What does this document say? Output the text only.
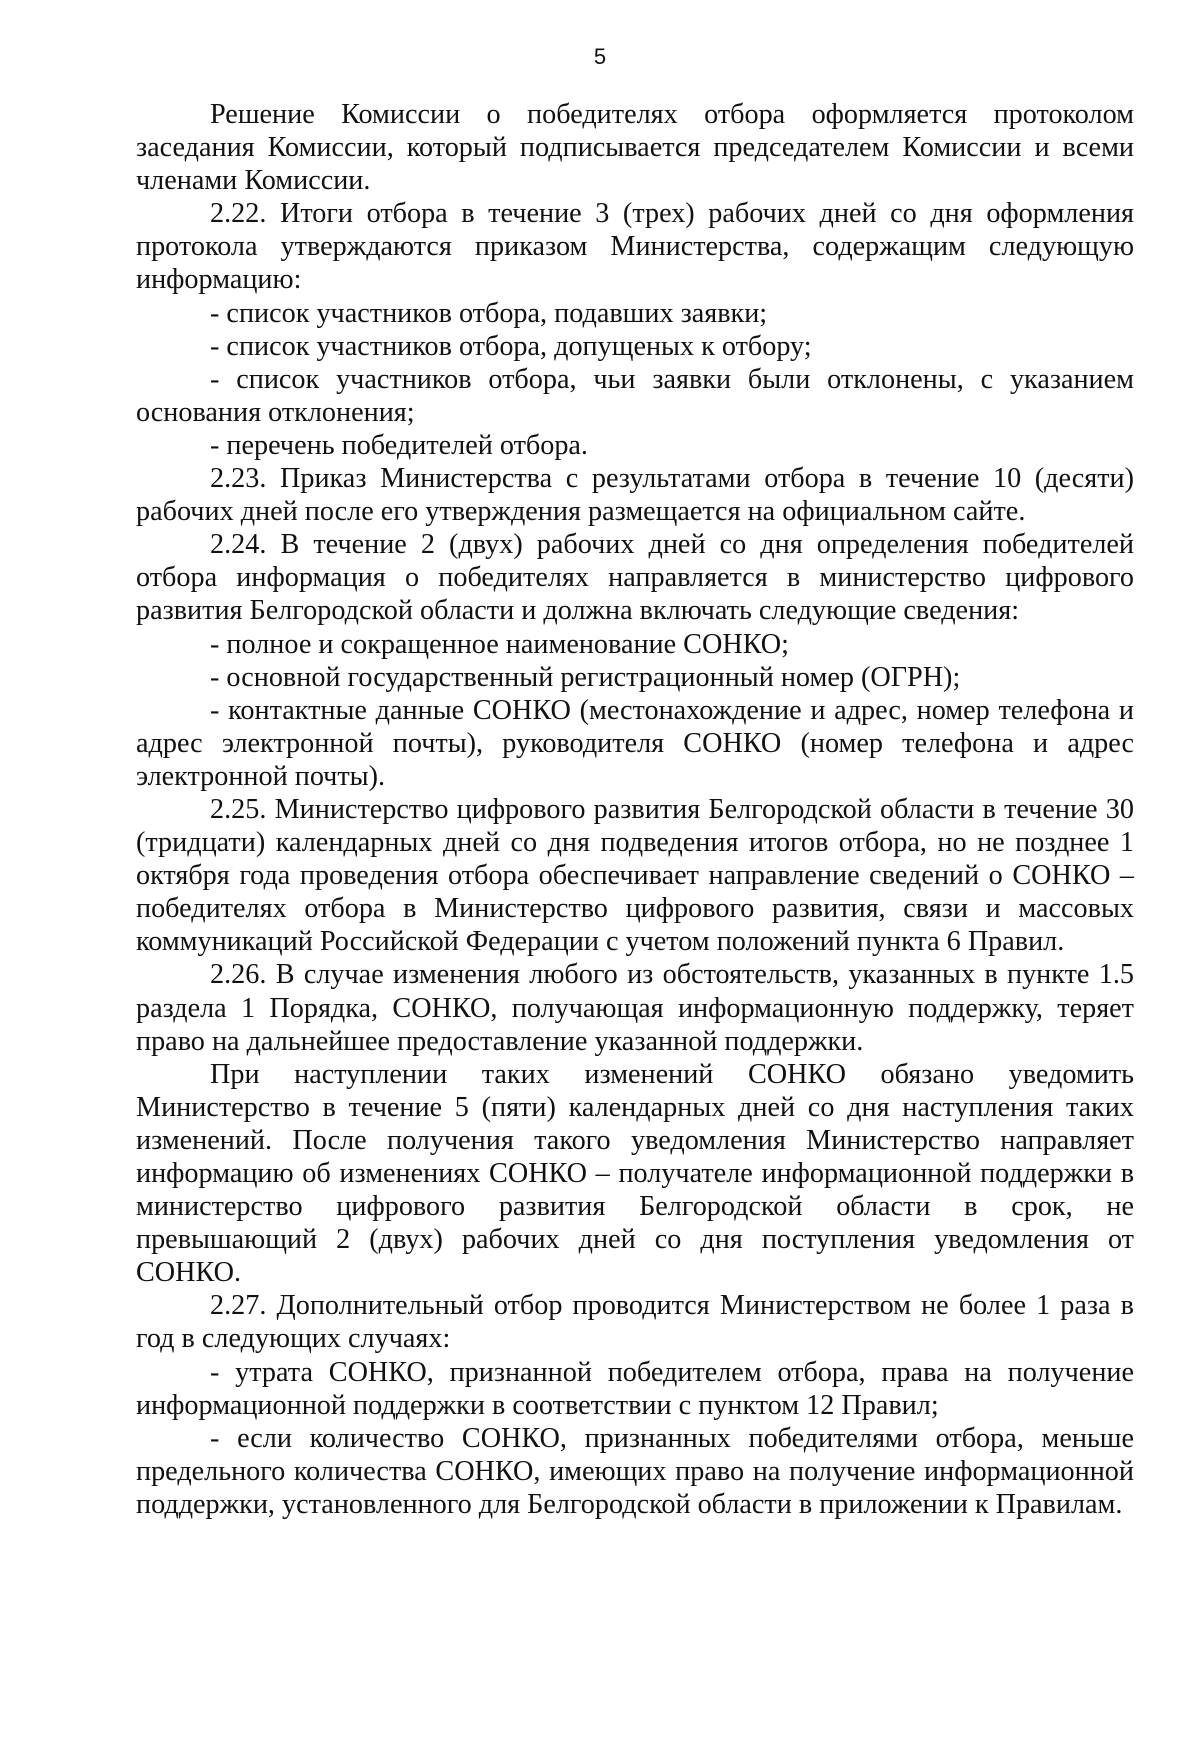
5

Решение Комиссии о победителях отбора оформляется протоколом заседания Комиссии, который подписывается председателем Комиссии и всеми членами Комиссии.

2.22. Итоги отбора в течение 3 (трех) рабочих дней со дня оформления протокола утверждаются приказом Министерства, содержащим следующую информацию:

- список участников отбора, подавших заявки;

- список участников отбора, допущеных к отбору;

- список участников отбора, чьи заявки были отклонены, с указанием основания отклонения;

- перечень победителей отбора.

2.23. Приказ Министерства с результатами отбора в течение 10 (десяти) рабочих дней после его утверждения размещается на официальном сайте.

2.24. В течение 2 (двух) рабочих дней со дня определения победителей отбора информация о победителях направляется в министерство цифрового развития Белгородской области и должна включать следующие сведения:

- полное и сокращенное наименование СОНКО;

- основной государственный регистрационный номер (ОГРН);

- контактные данные СОНКО (местонахождение и адрес, номер телефона и адрес электронной почты), руководителя СОНКО (номер телефона и адрес электронной почты).

2.25. Министерство цифрового развития Белгородской области в течение 30 (тридцати) календарных дней со дня подведения итогов отбора, но не позднее 1 октября года проведения отбора обеспечивает направление сведений о СОНКО – победителях отбора в Министерство цифрового развития, связи и массовых коммуникаций Российской Федерации с учетом положений пункта 6 Правил.

2.26. В случае изменения любого из обстоятельств, указанных в пункте 1.5 раздела 1 Порядка, СОНКО, получающая информационную поддержку, теряет право на дальнейшее предоставление указанной поддержки.

При наступлении таких изменений СОНКО обязано уведомить Министерство в течение 5 (пяти) календарных дней со дня наступления таких изменений. После получения такого уведомления Министерство направляет информацию об изменениях СОНКО – получателе информационной поддержки в министерство цифрового развития Белгородской области в срок, не превышающий 2 (двух) рабочих дней со дня поступления уведомления от СОНКО.

2.27. Дополнительный отбор проводится Министерством не более 1 раза в год в следующих случаях:

- утрата СОНКО, признанной победителем отбора, права на получение информационной поддержки в соответствии с пунктом 12 Правил;

- если количество СОНКО, признанных победителями отбора, меньше предельного количества СОНКО, имеющих право на получение информационной поддержки, установленного для Белгородской области в приложении к Правилам.
